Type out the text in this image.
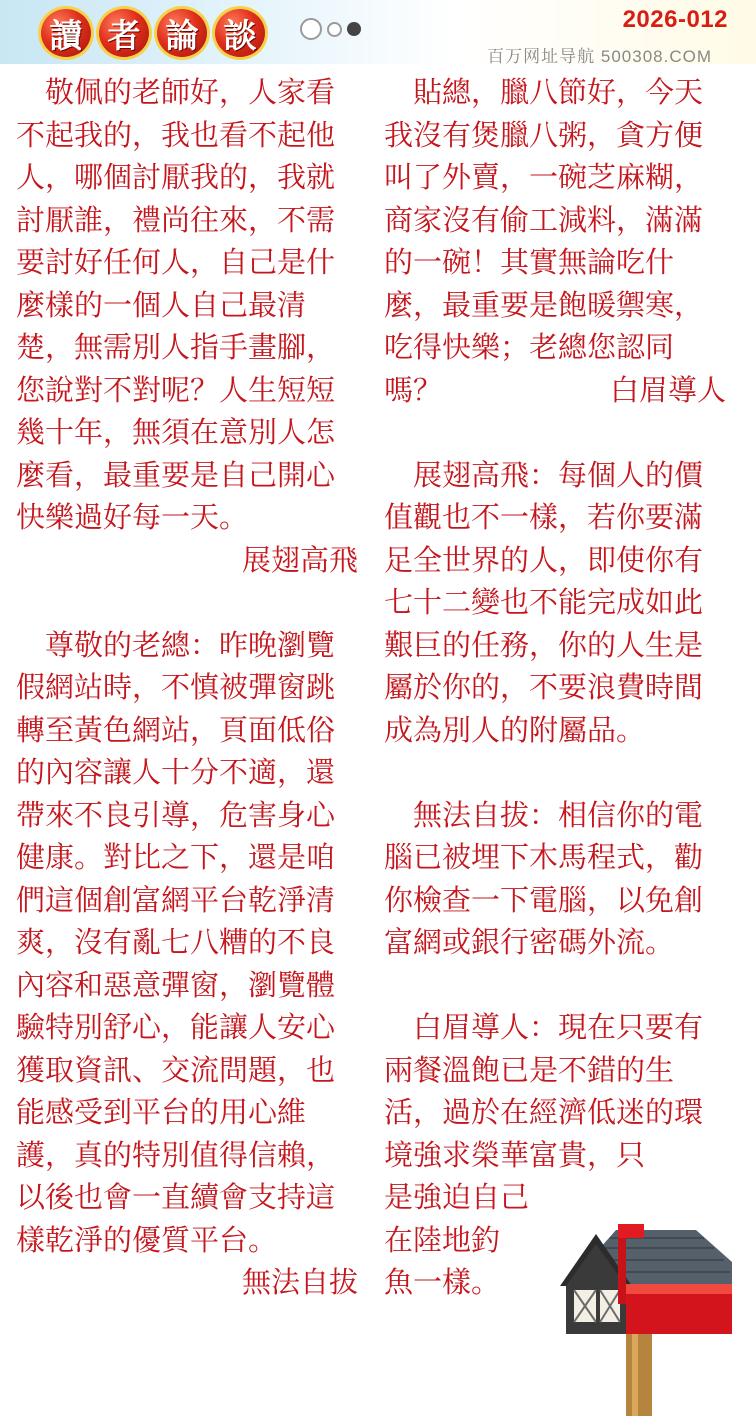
讀 者 論 談	2026-012
百万网址导航 500308.COM

敬佩的老師好，人家看不起我的，我也看不起他人，哪個討厭我的，我就討厭誰，禮尚往來，不需要討好任何人，自己是什麼樣的一個人自己最清楚，無需別人指手畫腳，您說對不對呢？人生短短幾十年，無須在意別人怎麼看，最重要是自己開心快樂過好每一天。

展翅高飛

尊敬的老總：昨晚瀏覽假網站時，不慎被彈窗跳轉至黃色網站，頁面低俗的內容讓人十分不適，還帶來不良引導，危害身心健康。對比之下，還是咱們這個創富網平台乾淨清爽，沒有亂七八糟的不良內容和惡意彈窗，瀏覽體驗特別舒心，能讓人安心獲取資訊、交流問題，也能感受到平台的用心維護，真的特別值得信賴，以後也會一直續會支持這樣乾淨的優質平台。

無法自拔

貼總，臘八節好，今天我沒有煲臘八粥，貪方便叫了外賣，一碗芝麻糊，商家沒有偷工減料，滿滿的一碗！其實無論吃什麼，最重要是飽暖禦寒，吃得快樂；老總您認同嗎？	白眉導人

展翅高飛：每個人的價值觀也不一樣，若你要滿足全世界的人，即使你有七十二變也不能完成如此艱巨的任務，你的人生是屬於你的，不要浪費時間成為別人的附屬品。

無法自拔：相信你的電腦已被埋下木馬程式，勸你檢查一下電腦，以免創富網或銀行密碼外流。

白眉導人：現在只要有兩餐溫飽已是不錯的生活，過於在經濟低迷的環境強求榮華富貴，只

是強迫自己

在陸地釣

魚一樣。
